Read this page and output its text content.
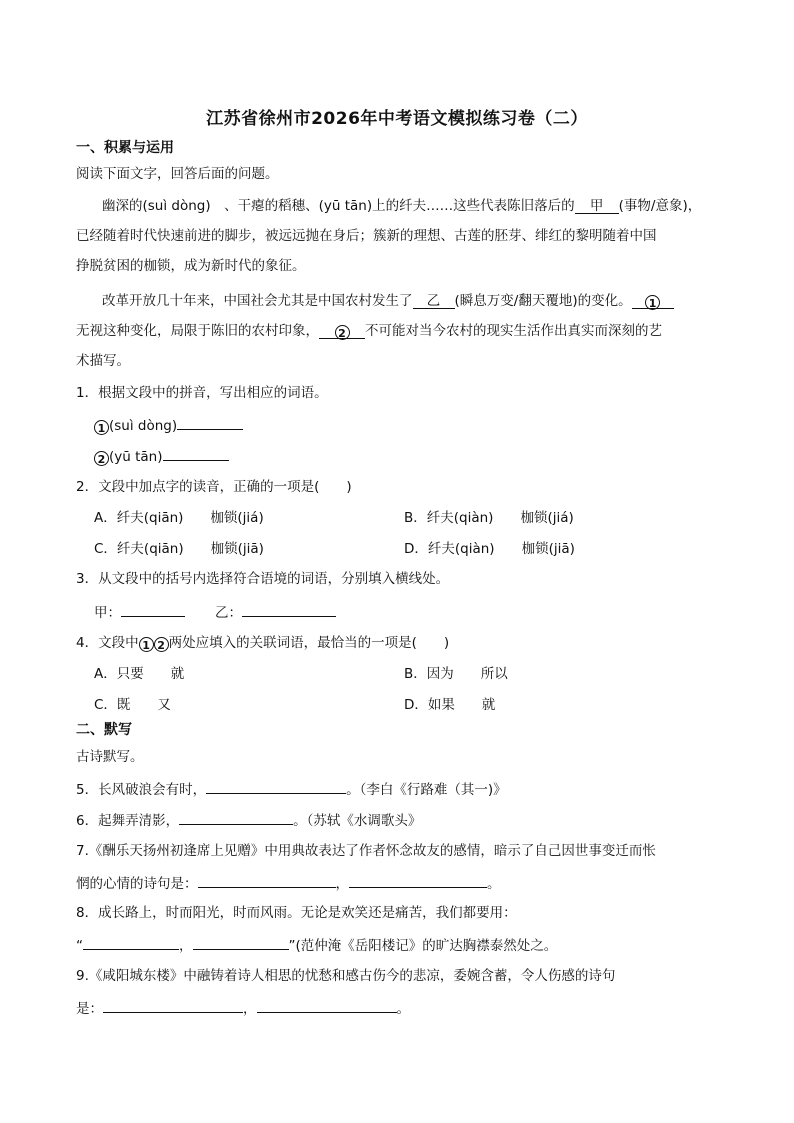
江苏省徐州市2026年中考语文模拟练习卷（二）
一、积累与运用
阅读下面文字，回答后面的问题。
幽深的(suì dòng)　、干瘪的稻穗、(yū tān)上的纤夫……这些代表陈旧落后的 甲 (事物/意象)，
已经随着时代快速前进的脚步，被远远抛在身后；簇新的理想、古莲的胚芽、绯红的黎明随着中国
挣脱贫困的枷锁，成为新时代的象征。
改革开放几十年来，中国社会尤其是中国农村发生了 乙 (瞬息万变/翻天覆地)的变化。 1
无视这种变化，局限于陈旧的农村印象， 2 不可能对当今农村的现实生活作出真实而深刻的艺
术描写。
1．根据文段中的拼音，写出相应的词语。
1 (suì dòng)
2 (yū tān)
2．文段中加点字的读音，正确的一项是(　　)
A．纤夫(qiān)　　枷锁(jiá)	B．纤夫(qiàn)　　枷锁(jiá)
C．纤夫(qiān)　　枷锁(jiā)	D．纤夫(qiàn)　　枷锁(jiā)
3．从文段中的括号内选择符合语境的词语，分别填入横线处。
甲：	乙：
4．文段中 1 2 两处应填入的关联词语，最恰当的一项是(　　)
A．只要　　就	B．因为　　所以
C．既　　又	D．如果　　就
二、默写
古诗默写。
5．长风破浪会有时，	。（李白《行路难（其一)》
6．起舞弄清影，	。（苏轼《水调歌头》
7.《酬乐天扬州初逢席上见赠》中用典故表达了作者怀念故友的感情，暗示了自己因世事变迁而怅
惘的心情的诗句是：	，	。
8．成长路上，时而阳光，时而风雨。无论是欢笑还是痛苦，我们都要用：
“	，	”(范仲淹《岳阳楼记》的旷达胸襟泰然处之。
9.《咸阳城东楼》中融铸着诗人相思的忧愁和感古伤今的悲凉，委婉含蓄，令人伤感的诗句
是：	，	。
